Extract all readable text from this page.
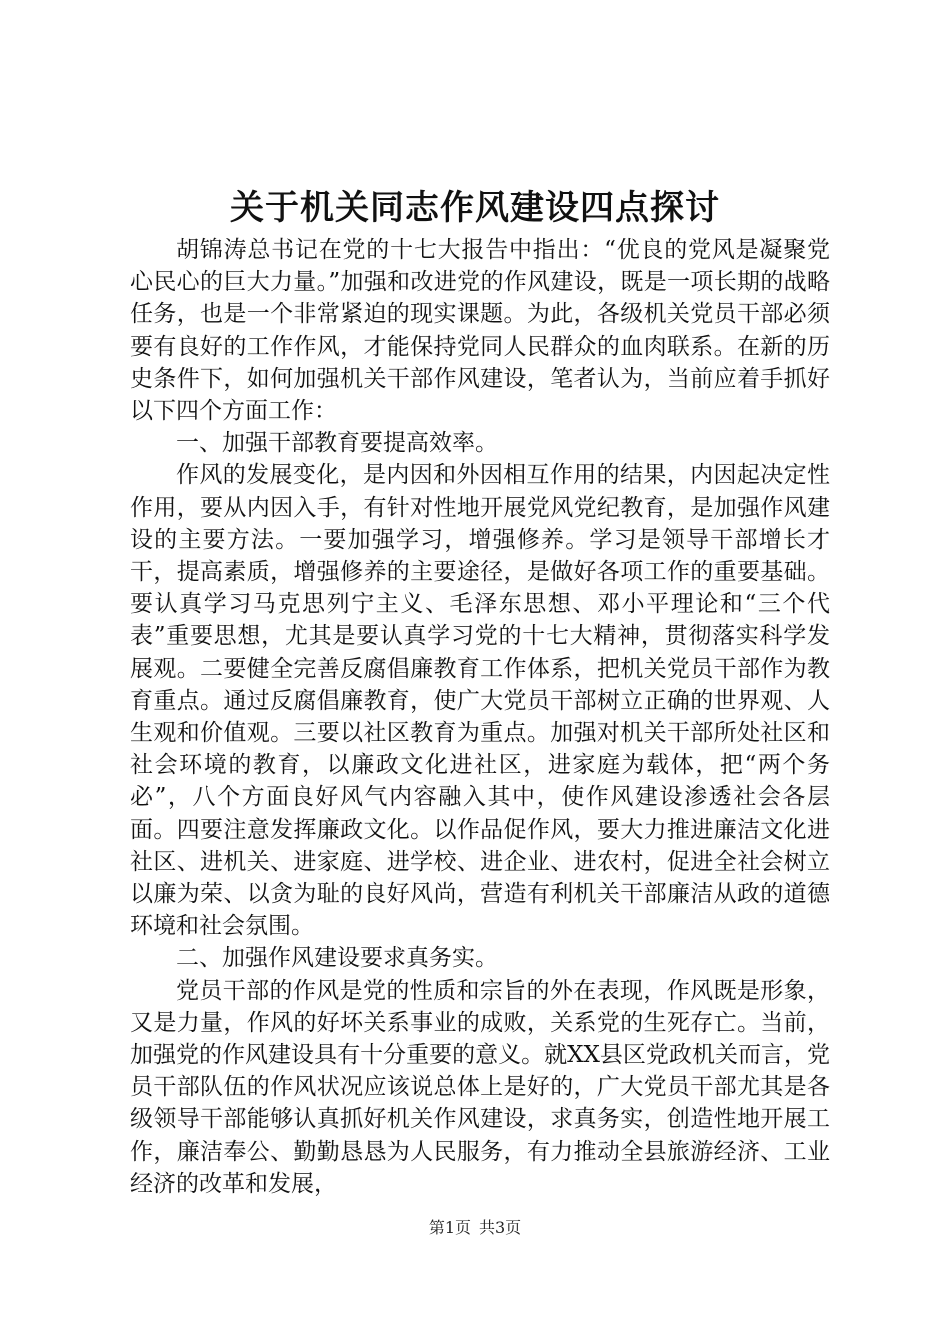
关于机关同志作风建设四点探讨

胡锦涛总书记在党的十七大报告中指出：“优良的党风是凝聚党心民心的巨大力量。”加强和改进党的作风建设，既是一项长期的战略任务，也是一个非常紧迫的现实课题。为此，各级机关党员干部必须要有良好的工作作风，才能保持党同人民群众的血肉联系。在新的历史条件下，如何加强机关干部作风建设，笔者认为，当前应着手抓好以下四个方面工作：

一、加强干部教育要提高效率。

作风的发展变化，是内因和外因相互作用的结果，内因起决定性作用，要从内因入手，有针对性地开展党风党纪教育，是加强作风建设的主要方法。一要加强学习，增强修养。学习是领导干部增长才干，提高素质，增强修养的主要途径，是做好各项工作的重要基础。要认真学习马克思列宁主义、毛泽东思想、邓小平理论和“三个代表”重要思想，尤其是要认真学习党的十七大精神，贯彻落实科学发展观。二要健全完善反腐倡廉教育工作体系，把机关党员干部作为教育重点。通过反腐倡廉教育，使广大党员干部树立正确的世界观、人生观和价值观。三要以社区教育为重点。加强对机关干部所处社区和社会环境的教育，以廉政文化进社区，进家庭为载体，把“两个务必”，八个方面良好风气内容融入其中，使作风建设渗透社会各层面。四要注意发挥廉政文化。以作品促作风，要大力推进廉洁文化进社区、进机关、进家庭、进学校、进企业、进农村，促进全社会树立以廉为荣、以贪为耻的良好风尚，营造有利机关干部廉洁从政的道德环境和社会氛围。

二、加强作风建设要求真务实。

党员干部的作风是党的性质和宗旨的外在表现，作风既是形象，又是力量，作风的好坏关系事业的成败，关系党的生死存亡。当前，加强党的作风建设具有十分重要的意义。就XX县区党政机关而言，党员干部队伍的作风状况应该说总体上是好的，广大党员干部尤其是各级领导干部能够认真抓好机关作风建设，求真务实，创造性地开展工作，廉洁奉公、勤勤恳恳为人民服务，有力推动全县旅游经济、工业经济的改革和发展，

第1页 共3页
